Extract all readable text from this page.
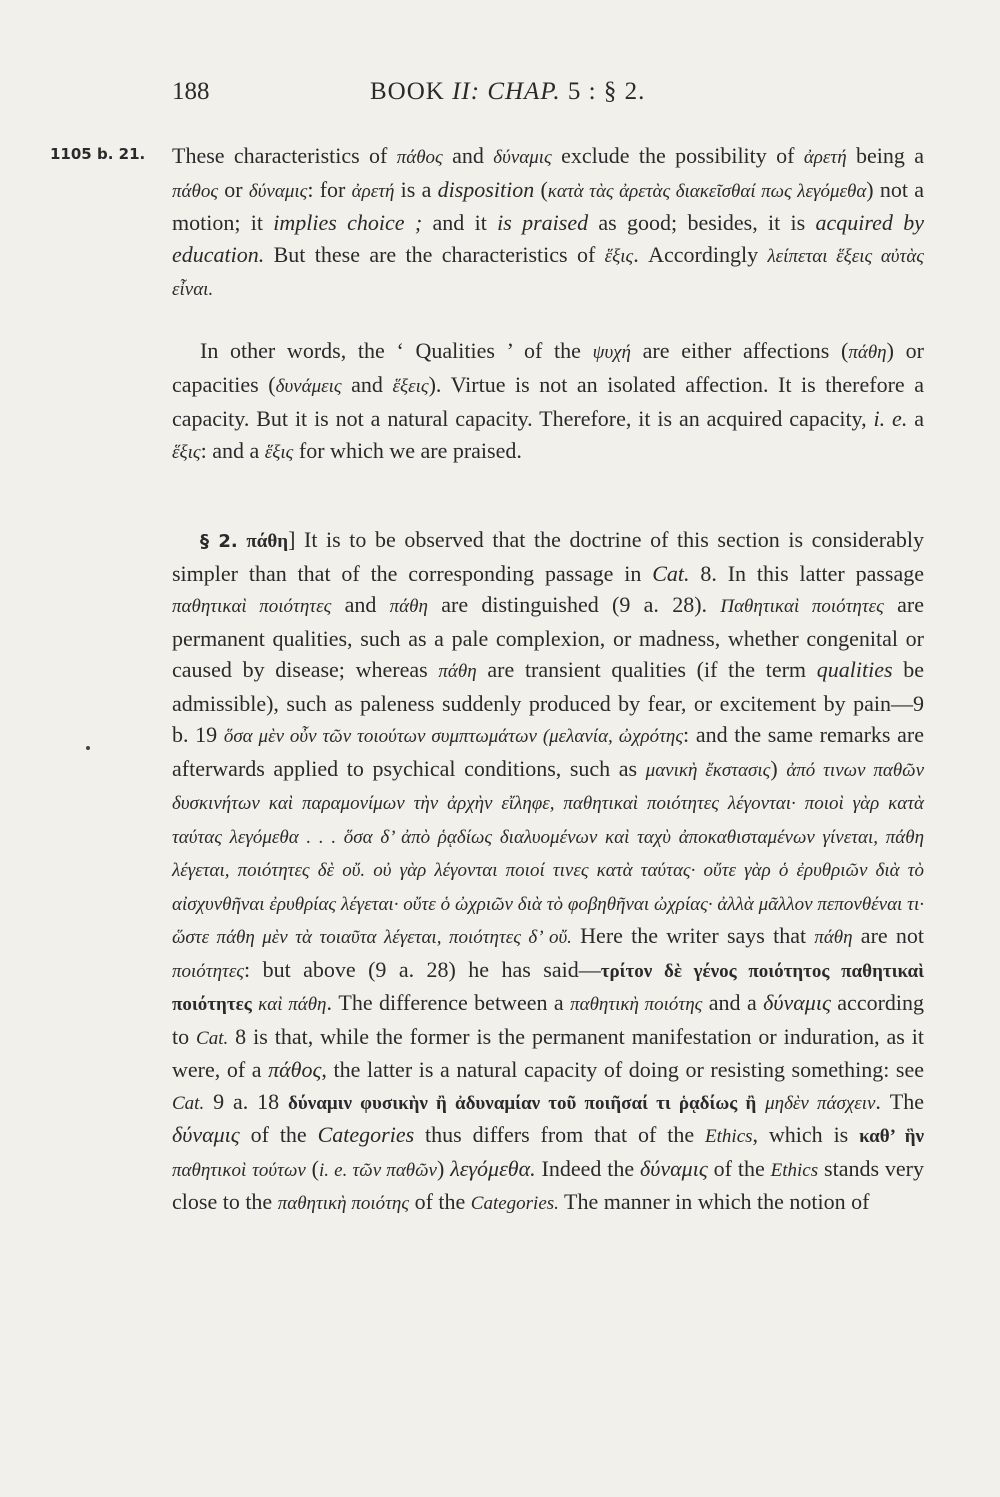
188	BOOK II: CHAP. 5 : § 2.
1105 b. 21. These characteristics of πάθος and δύναμις exclude the possibility of ἀρετή being a πάθος or δύναμις: for ἀρετή is a disposition (κατὰ τὰς ἀρετὰς διακεῖσθαί πως λεγόμεθα) not a motion; it implies choice ; and it is praised as good; besides, it is acquired by education. But these are the characteristics of ἕξις. Accordingly λείπεται ἕξεις αὐτὰς εἶναι.

In other words, the ‘ Qualities ’ of the ψυχή are either affections (πάθη) or capacities (δυνάμεις and ἕξεις). Virtue is not an isolated affection. It is therefore a capacity. But it is not a natural capacity. Therefore, it is an acquired capacity, i. e. a ἕξις: and a ἕξις for which we are praised.

§ 2. πάθη] It is to be observed that the doctrine of this section is considerably simpler than that of the corresponding passage in Cat. 8. In this latter passage παθητικαὶ ποιότητες and πάθη are distinguished (9 a. 28). Παθητικαὶ ποιότητες are permanent qualities, such as a pale complexion, or madness, whether congenital or caused by disease; whereas πάθη are transient qualities (if the term qualities be admissible), such as paleness suddenly produced by fear, or excitement by pain—9 b. 19 ὅσα μὲν οὖν τῶν τοιούτων συμπτωμάτων (μελανία, ὠχρότης: and the same remarks are afterwards applied to psychical conditions, such as μανικὴ ἔκστασις) ἀπό τινων παθῶν δυσκινήτων καὶ παραμονίμων τὴν ἀρχὴν εἴληφε, παθητικαὶ ποιότητες λέγονται· ποιοὶ γὰρ κατὰ ταύτας λεγόμεθα . . . ὅσα δ’ ἀπὸ ῥᾳδίως διαλυομένων καὶ ταχὺ ἀποκαθισταμένων γίνεται, πάθη λέγεται, ποιότητες δὲ οὔ. οὐ γὰρ λέγονται ποιοί τινες κατὰ ταύτας· οὔτε γὰρ ὁ ἐρυθριῶν διὰ τὸ αἰσχυνθῆναι ἐρυθρίας λέγεται· οὔτε ὁ ὠχριῶν διὰ τὸ φοβηθῆναι ὠχρίας· ἀλλὰ μᾶλλον πεπονθέναι τι· ὥστε πάθη μὲν τὰ τοιαῦτα λέγεται, ποιότητες δ’ οὔ. Here the writer says that πάθη are not ποιότητες: but above (9 a. 28) he has said—τρίτον δὲ γένος ποιότητος παθητικαὶ ποιότητες καὶ πάθη. The difference between a παθητικὴ ποιότης and a δύναμις according to Cat. 8 is that, while the former is the permanent manifestation or induration, as it were, of a πάθος, the latter is a natural capacity of doing or resisting something: see Cat. 9 a. 18 δύναμιν φυσικὴν ἢ ἀδυναμίαν τοῦ ποιῆσαί τι ῥᾳδίως ἢ μηδὲν πάσχειν. The δύναμις of the Categories thus differs from that of the Ethics, which is καθ’ ἣν παθητικοὶ τούτων (i. e. τῶν παθῶν) λεγόμεθα. Indeed the δύναμις of the Ethics stands very close to the παθητικὴ ποιότης of the Categories. The manner in which the notion of
